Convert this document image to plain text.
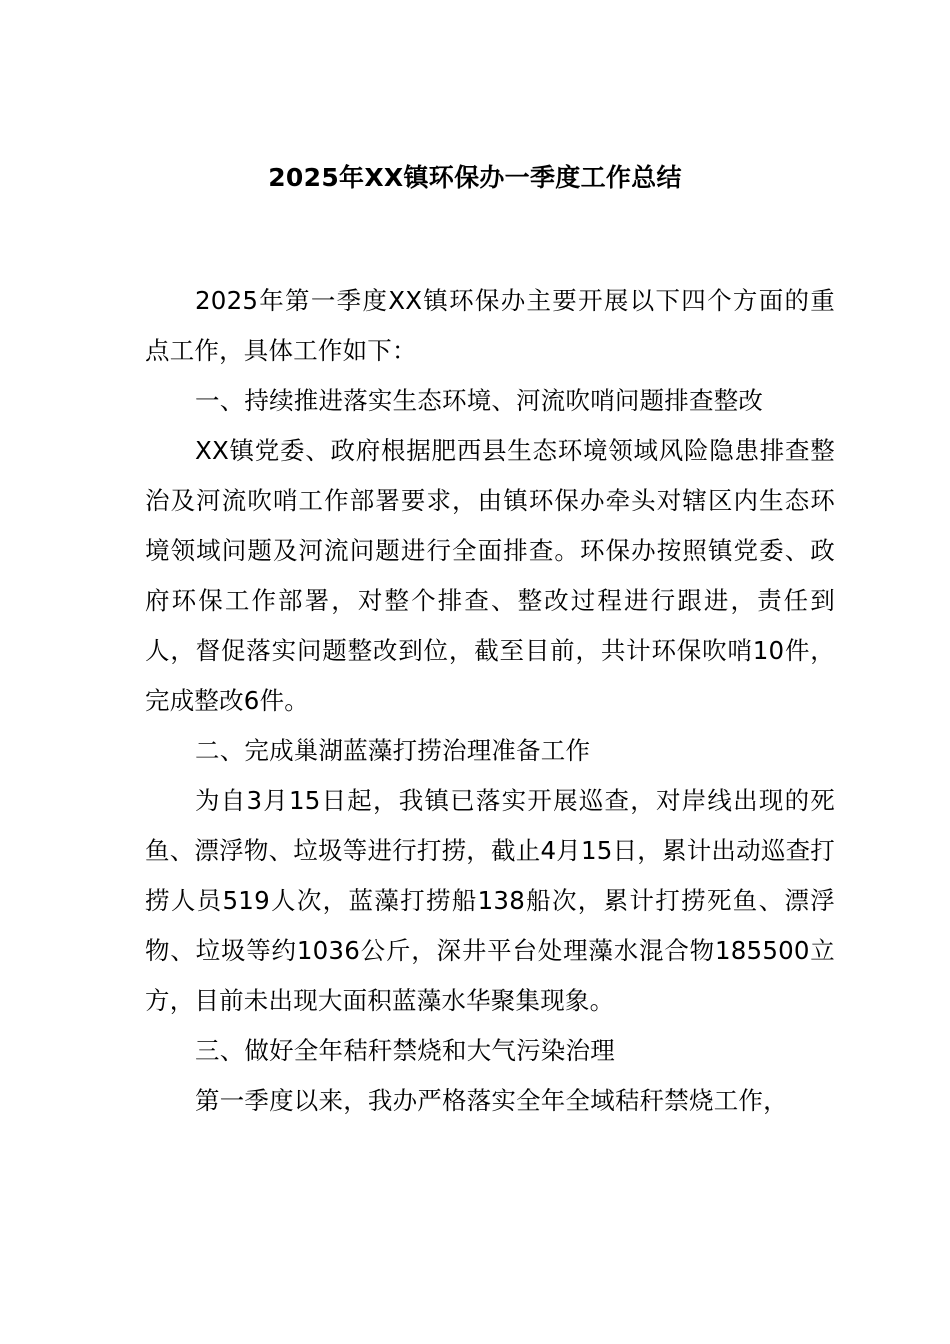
2025年XX镇环保办一季度工作总结

2025年第一季度XX镇环保办主要开展以下四个方面的重点工作，具体工作如下：

一、持续推进落实生态环境、河流吹哨问题排查整改

XX镇党委、政府根据肥西县生态环境领域风险隐患排查整治及河流吹哨工作部署要求，由镇环保办牵头对辖区内生态环境领域问题及河流问题进行全面排查。环保办按照镇党委、政府环保工作部署，对整个排查、整改过程进行跟进，责任到人，督促落实问题整改到位，截至目前，共计环保吹哨10件，完成整改6件。

二、完成巢湖蓝藻打捞治理准备工作

为自3月15日起，我镇已落实开展巡查，对岸线出现的死鱼、漂浮物、垃圾等进行打捞，截止4月15日，累计出动巡查打捞人员519人次，蓝藻打捞船138船次，累计打捞死鱼、漂浮物、垃圾等约1036公斤，深井平台处理藻水混合物185500立方，目前未出现大面积蓝藻水华聚集现象。

三、做好全年秸秆禁烧和大气污染治理

第一季度以来，我办严格落实全年全域秸秆禁烧工作，
